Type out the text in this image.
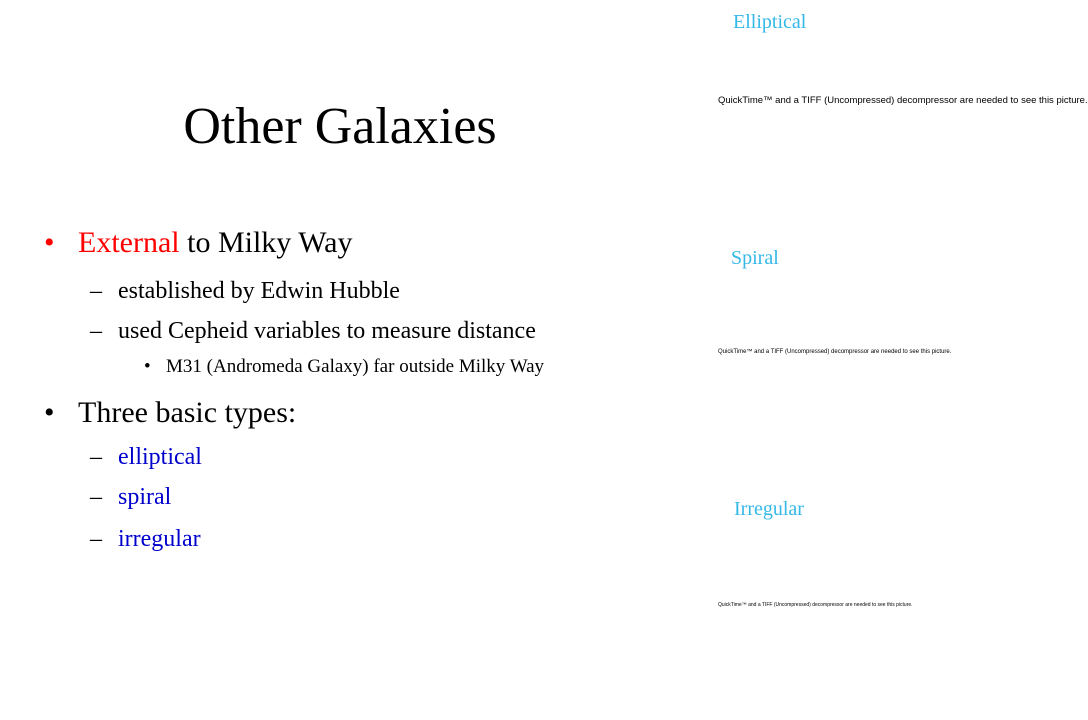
Other Galaxies
• External to Milky Way
– established by Edwin Hubble
– used Cepheid variables to measure distance
• M31 (Andromeda Galaxy) far outside Milky Way
• Three basic types:
– elliptical
– spiral
– irregular
Elliptical
QuickTime™ and a TIFF (Uncompressed) decompressor are needed to see this picture.
Spiral
QuickTime™ and a TIFF (Uncompressed) decompressor are needed to see this picture.
Irregular
QuickTime™ and a TIFF (Uncompressed) decompressor are needed to see this picture.
